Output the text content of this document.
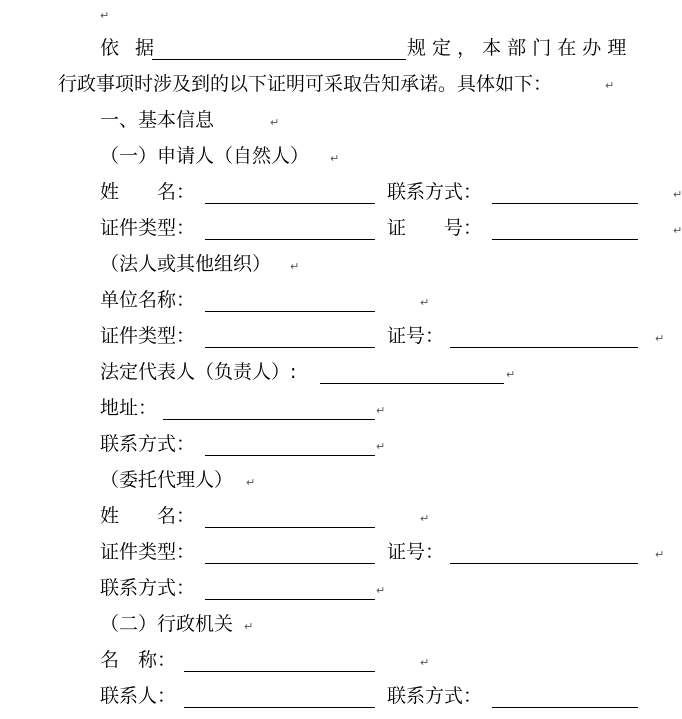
↵
依 据	规 定 ， 本 部 门 在 办 理
行政事项时涉及到的以下证明可采取告知承诺。具体如下：	↵
一、基本信息	↵
（一）申请人（自然人） ↵
姓　　名：	联系方式：	↵
证件类型：	证　　号：	↵
（法人或其他组织） ↵
单位名称：	↵
证件类型：	证号：	↵
法定代表人（负责人）:	↵
地址：	↵
联系方式：	↵
（委托代理人） ↵
姓　　名：	↵
证件类型：	证号：	↵
联系方式：	↵
（二）行政机关 ↵
名　称：	↵
联系人：	联系方式：
